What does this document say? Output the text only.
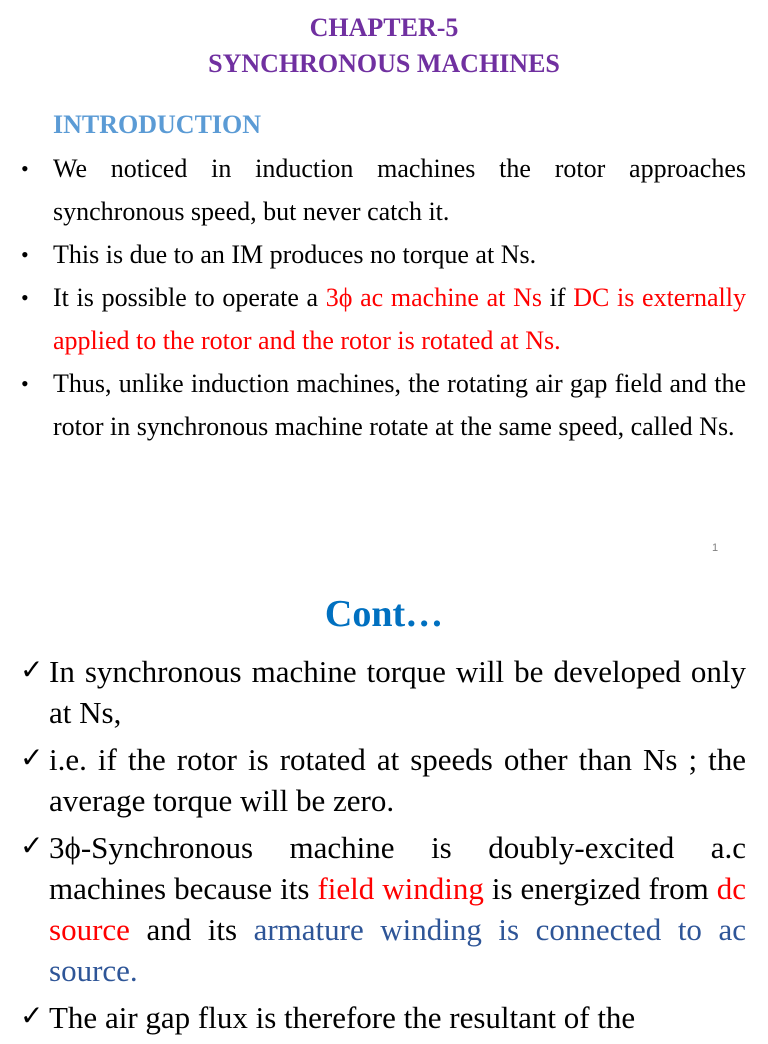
CHAPTER-5
SYNCHRONOUS MACHINES
INTRODUCTION
• We noticed in induction machines the rotor approaches synchronous speed, but never catch it.
• This is due to an IM produces no torque at Ns.
• It is possible to operate a 3ϕ ac machine at Ns if DC is externally applied to the rotor and the rotor is rotated at Ns.
• Thus, unlike induction machines, the rotating air gap field and the rotor in synchronous machine rotate at the same speed, called Ns.
1
Cont…
✓ In synchronous machine torque will be developed only at Ns,
✓ i.e. if the rotor is rotated at speeds other than Ns ; the average torque will be zero.
✓ 3ϕ-Synchronous machine is doubly-excited a.c machines because its field winding is energized from dc source and its armature winding is connected to ac source.
✓ The air gap flux is therefore the resultant of the
